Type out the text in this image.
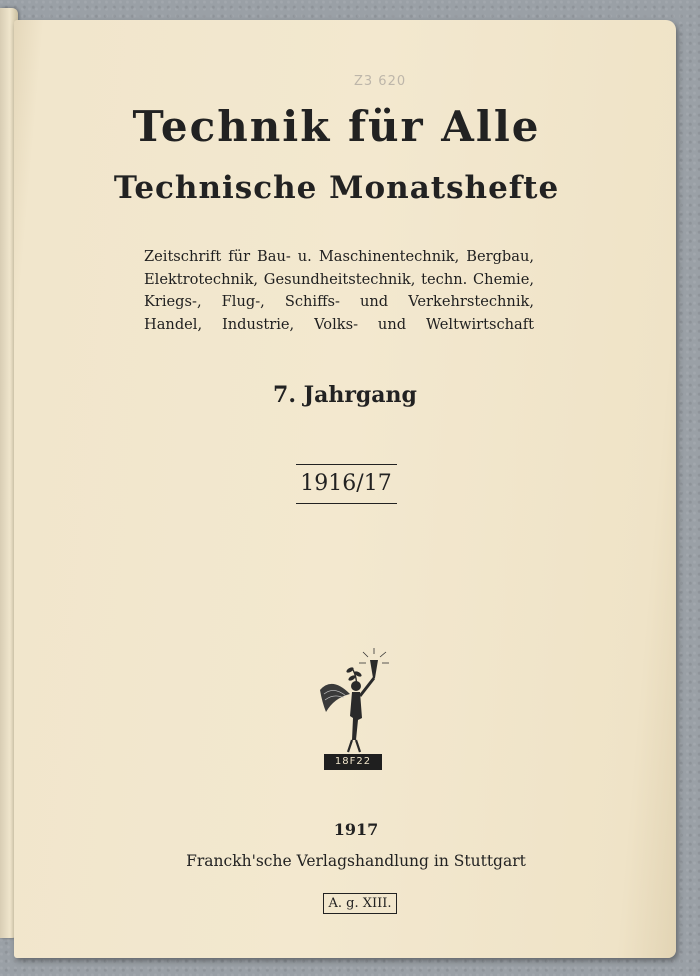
Z3 620
Technik für Alle
Technische Monatshefte
Zeitschrift für Bau- u. Maschinentechnik, Bergbau,
Elektrotechnik, Gesundheitstechnik, techn. Chemie,
Kriegs-, Flug-, Schiffs- und Verkehrstechnik,
Handel, Industrie, Volks- und Weltwirtschaft
7. Jahrgang
1916/17
18F22
1917
Franckh'sche Verlagshandlung in Stuttgart
A. g. XIII.
